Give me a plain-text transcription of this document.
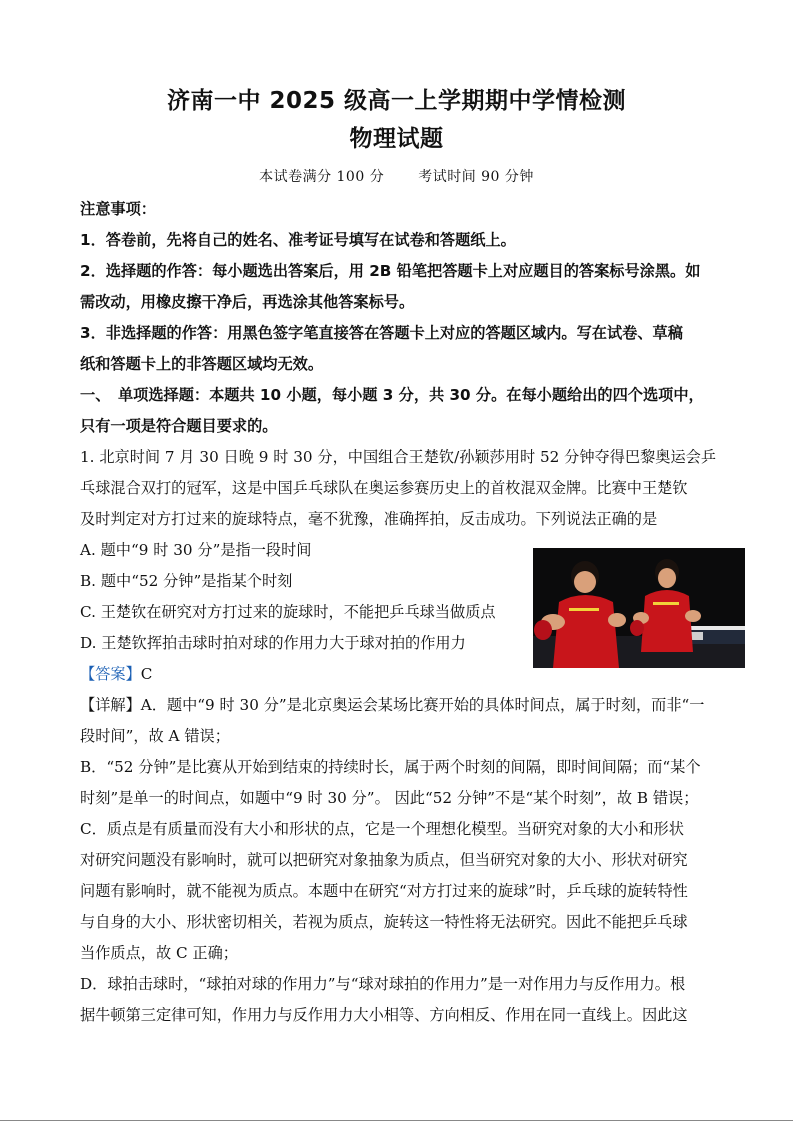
济南一中 2025 级高一上学期期中学情检测
物理试题
本试卷满分 100 分 考试时间 90 分钟
注意事项：
1．答卷前，先将自己的姓名、准考证号填写在试卷和答题纸上。
2．选择题的作答：每小题选出答案后，用 2B 铅笔把答题卡上对应题目的答案标号涂黑。如
需改动，用橡皮擦干净后，再选涂其他答案标号。
3．非选择题的作答：用黑色签字笔直接答在答题卡上对应的答题区域内。写在试卷、草稿
纸和答题卡上的非答题区域均无效。
一、　单项选择题：本题共 10 小题，每小题 3 分，共 30 分。在每小题给出的四个选项中，
只有一项是符合题目要求的。
1. 北京时间 7 月 30 日晚 9 时 30 分，中国组合王楚钦/孙颖莎用时 52 分钟夺得巴黎奥运会乒
乓球混合双打的冠军，这是中国乒乓球队在奥运参赛历史上的首枚混双金牌。比赛中王楚钦
及时判定对方打过来的旋球特点，毫不犹豫，准确挥拍，反击成功。下列说法正确的是
A. 题中“9 时 30 分”是指一段时间
B. 题中“52 分钟”是指某个时刻
C. 王楚钦在研究对方打过来的旋球时，不能把乒乓球当做质点
D. 王楚钦挥拍击球时拍对球的作用力大于球对拍的作用力
【答案】C
【详解】A．题中“9 时 30 分”是北京奥运会某场比赛开始的具体时间点，属于时刻，而非“一
段时间”，故 A 错误；
B．“52 分钟”是比赛从开始到结束的持续时长，属于两个时刻的间隔，即时间间隔；而“某个
时刻”是单一的时间点，如题中“9 时 30 分”。 因此“52 分钟”不是“某个时刻”，故 B 错误；
C．质点是有质量而没有大小和形状的点，它是一个理想化模型。当研究对象的大小和形状
对研究问题没有影响时，就可以把研究对象抽象为质点，但当研究对象的大小、形状对研究
问题有影响时，就不能视为质点。本题中在研究“对方打过来的旋球”时，乒乓球的旋转特性
与自身的大小、形状密切相关，若视为质点，旋转这一特性将无法研究。因此不能把乒乓球
当作质点，故 C 正确；
D．球拍击球时，“球拍对球的作用力”与“球对球拍的作用力”是一对作用力与反作用力。根
据牛顿第三定律可知，作用力与反作用力大小相等、方向相反、作用在同一直线上。因此这
